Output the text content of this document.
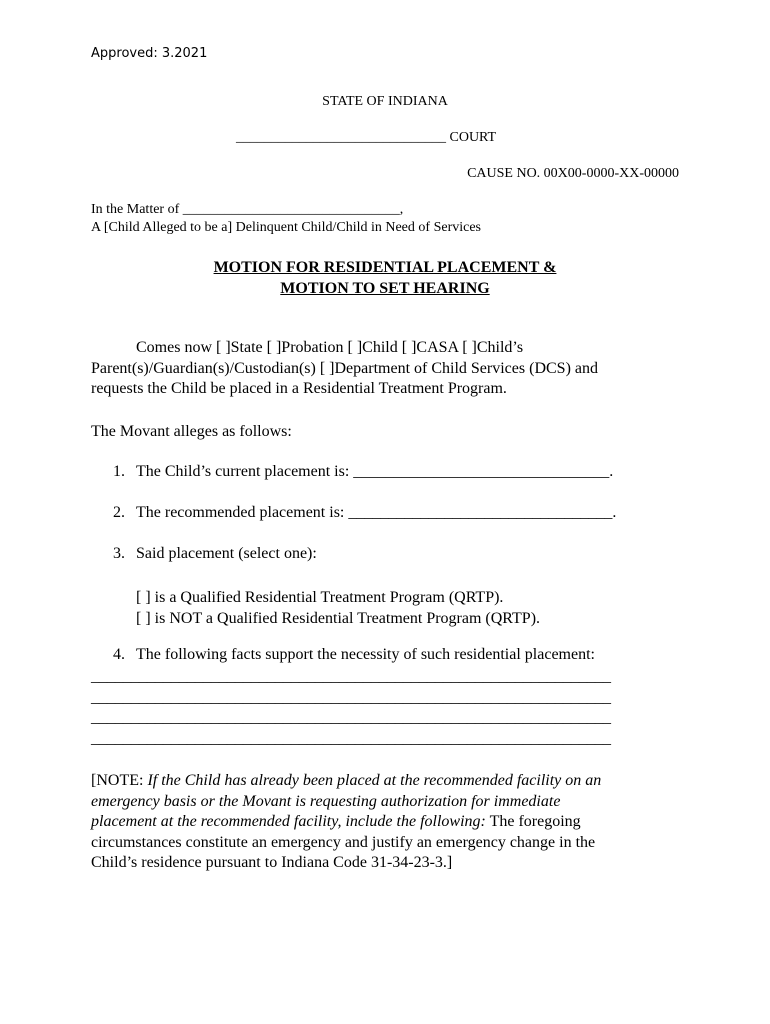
Approved: 3.2021
STATE OF INDIANA
______________________________ COURT
CAUSE NO. 00X00-0000-XX-00000
In the Matter of _______________________________,
A [Child Alleged to be a] Delinquent Child/Child in Need of Services
MOTION FOR RESIDENTIAL PLACEMENT &
MOTION TO SET HEARING
Comes now [ ]State [ ]Probation [ ]Child [ ]CASA [ ]Child’s
Parent(s)/Guardian(s)/Custodian(s) [ ]Department of Child Services (DCS) and
requests the Child be placed in a Residential Treatment Program.
The Movant alleges as follows:
1. The Child’s current placement is: ________________________________.
2. The recommended placement is: _________________________________.
3. Said placement (select one):
[ ] is a Qualified Residential Treatment Program (QRTP).
[ ] is NOT a Qualified Residential Treatment Program (QRTP).
4. The following facts support the necessity of such residential placement:
_________________________________________________________________
_________________________________________________________________
_________________________________________________________________
_________________________________________________________________
[NOTE: If the Child has already been placed at the recommended facility on an
emergency basis or the Movant is requesting authorization for immediate
placement at the recommended facility, include the following: The foregoing
circumstances constitute an emergency and justify an emergency change in the
Child’s residence pursuant to Indiana Code 31-34-23-3.]
